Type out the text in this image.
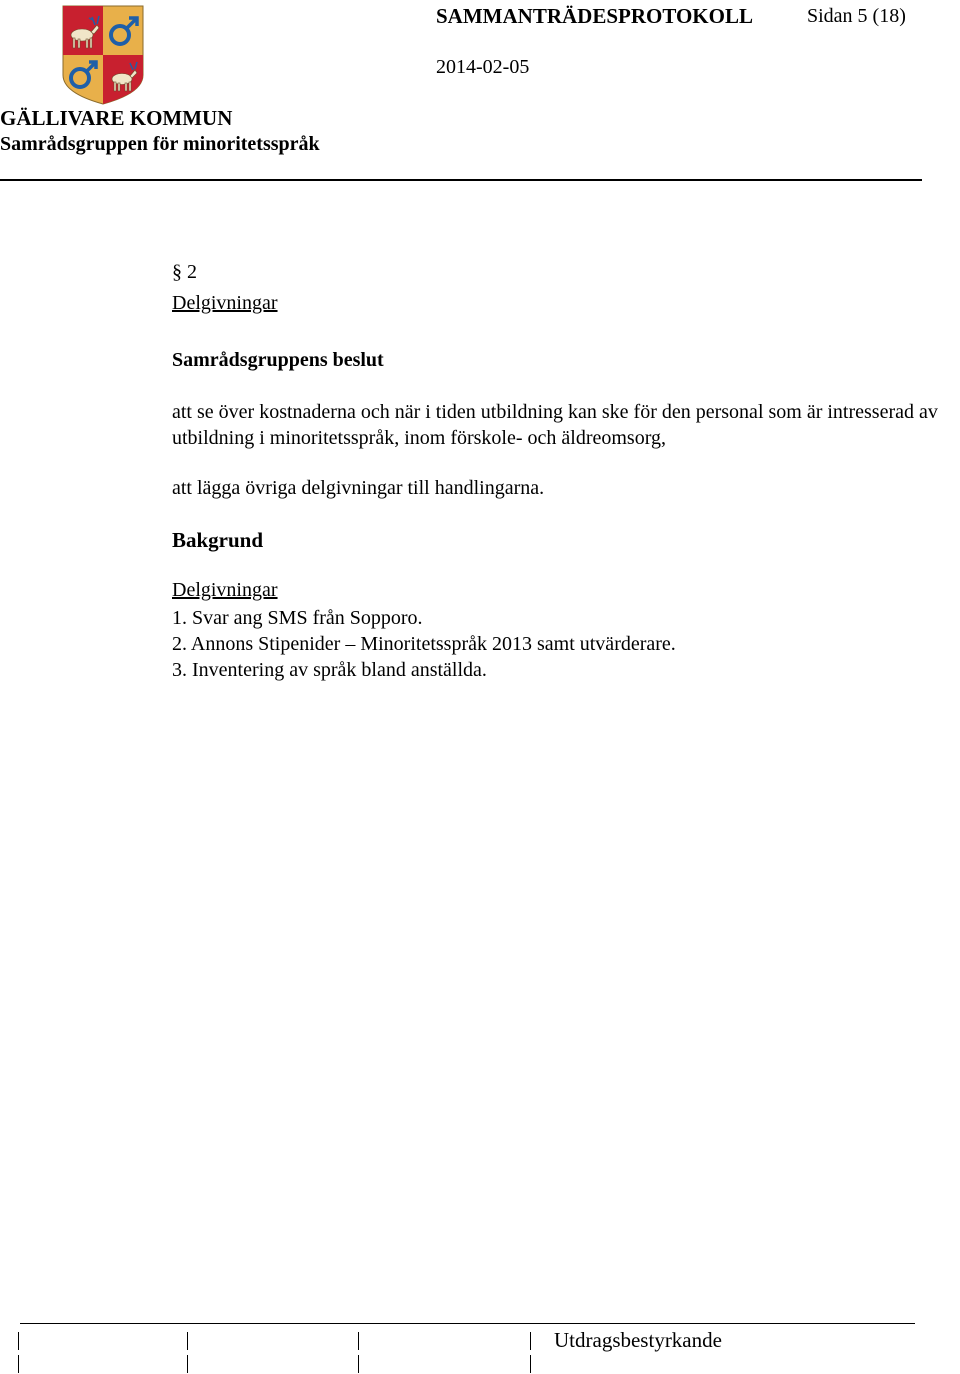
GÄLLIVARE KOMMUN
Samrådsgruppen för minoritetsspråk
SAMMANTRÄDESPROTOKOLL	Sidan 5 (18)
2014-02-05
§ 2
Delgivningar
Samrådsgruppens beslut
att se över kostnaderna och när i tiden utbildning kan ske för den personal som är intresserad av utbildning i minoritetsspråk, inom förskole- och äldreomsorg,
att lägga övriga delgivningar till handlingarna.
Bakgrund
Delgivningar
1. Svar ang SMS från Sopporo.
2. Annons Stipenider – Minoritetsspråk 2013 samt utvärderare.
3. Inventering av språk bland anställda.
Utdragsbestyrkande
